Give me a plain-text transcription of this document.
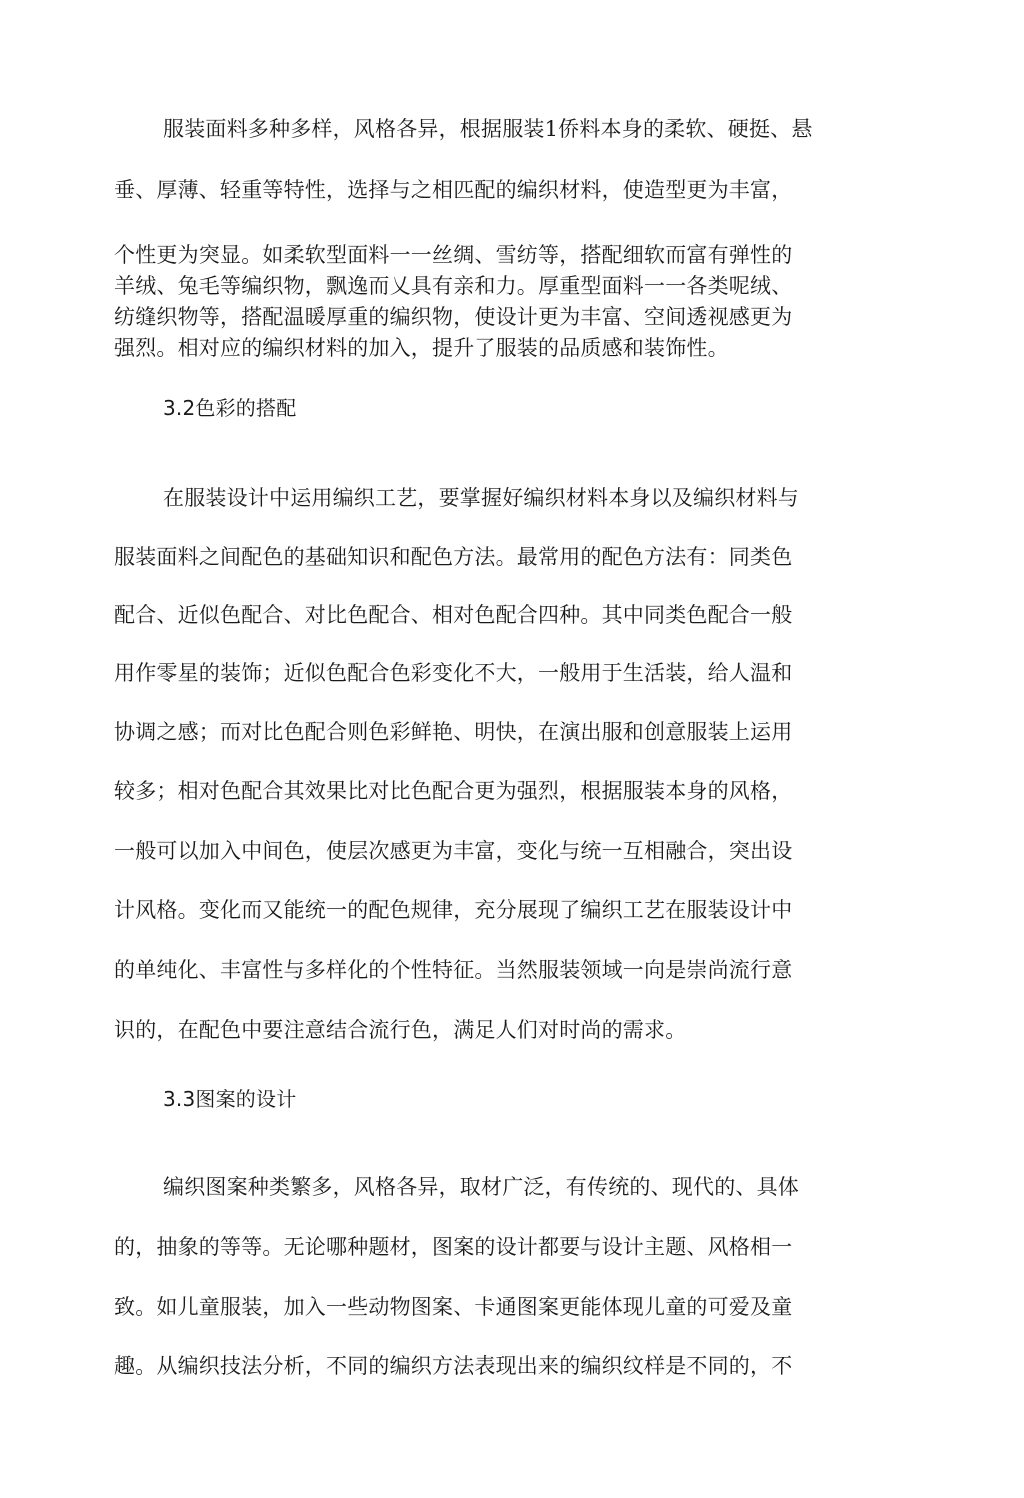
服装面料多种多样，风格各异，根据服装1侨料本身的柔软、硬挺、悬
垂、厚薄、轻重等特性，选择与之相匹配的编织材料，使造型更为丰富，
个性更为突显。如柔软型面料一一丝绸、雪纺等，搭配细软而富有弹性的
羊绒、兔毛等编织物，飘逸而乂具有亲和力。厚重型面料一一各类呢绒、
纺缝织物等，搭配温暖厚重的编织物，使设计更为丰富、空间透视感更为
强烈。相对应的编织材料的加入，提升了服装的品质感和装饰性。
3.2色彩的搭配
在服装设计中运用编织工艺，要掌握好编织材料本身以及编织材料与
服装面料之间配色的基础知识和配色方法。最常用的配色方法有：同类色
配合、近似色配合、对比色配合、相对色配合四种。其中同类色配合一般
用作零星的装饰；近似色配合色彩变化不大，一般用于生活装，给人温和
协调之感；而对比色配合则色彩鲜艳、明快，在演出服和创意服装上运用
较多；相对色配合其效果比对比色配合更为强烈，根据服装本身的风格，
一般可以加入中间色，使层次感更为丰富，变化与统一互相融合，突出设
计风格。变化而又能统一的配色规律，充分展现了编织工艺在服装设计中
的单纯化、丰富性与多样化的个性特征。当然服装领域一向是崇尚流行意
识的，在配色中要注意结合流行色，满足人们对时尚的需求。
3.3图案的设计
编织图案种类繁多，风格各异，取材广泛，有传统的、现代的、具体
的，抽象的等等。无论哪种题材，图案的设计都要与设计主题、风格相一
致。如儿童服装，加入一些动物图案、卡通图案更能体现儿童的可爱及童
趣。从编织技法分析，不同的编织方法表现出来的编织纹样是不同的，不
